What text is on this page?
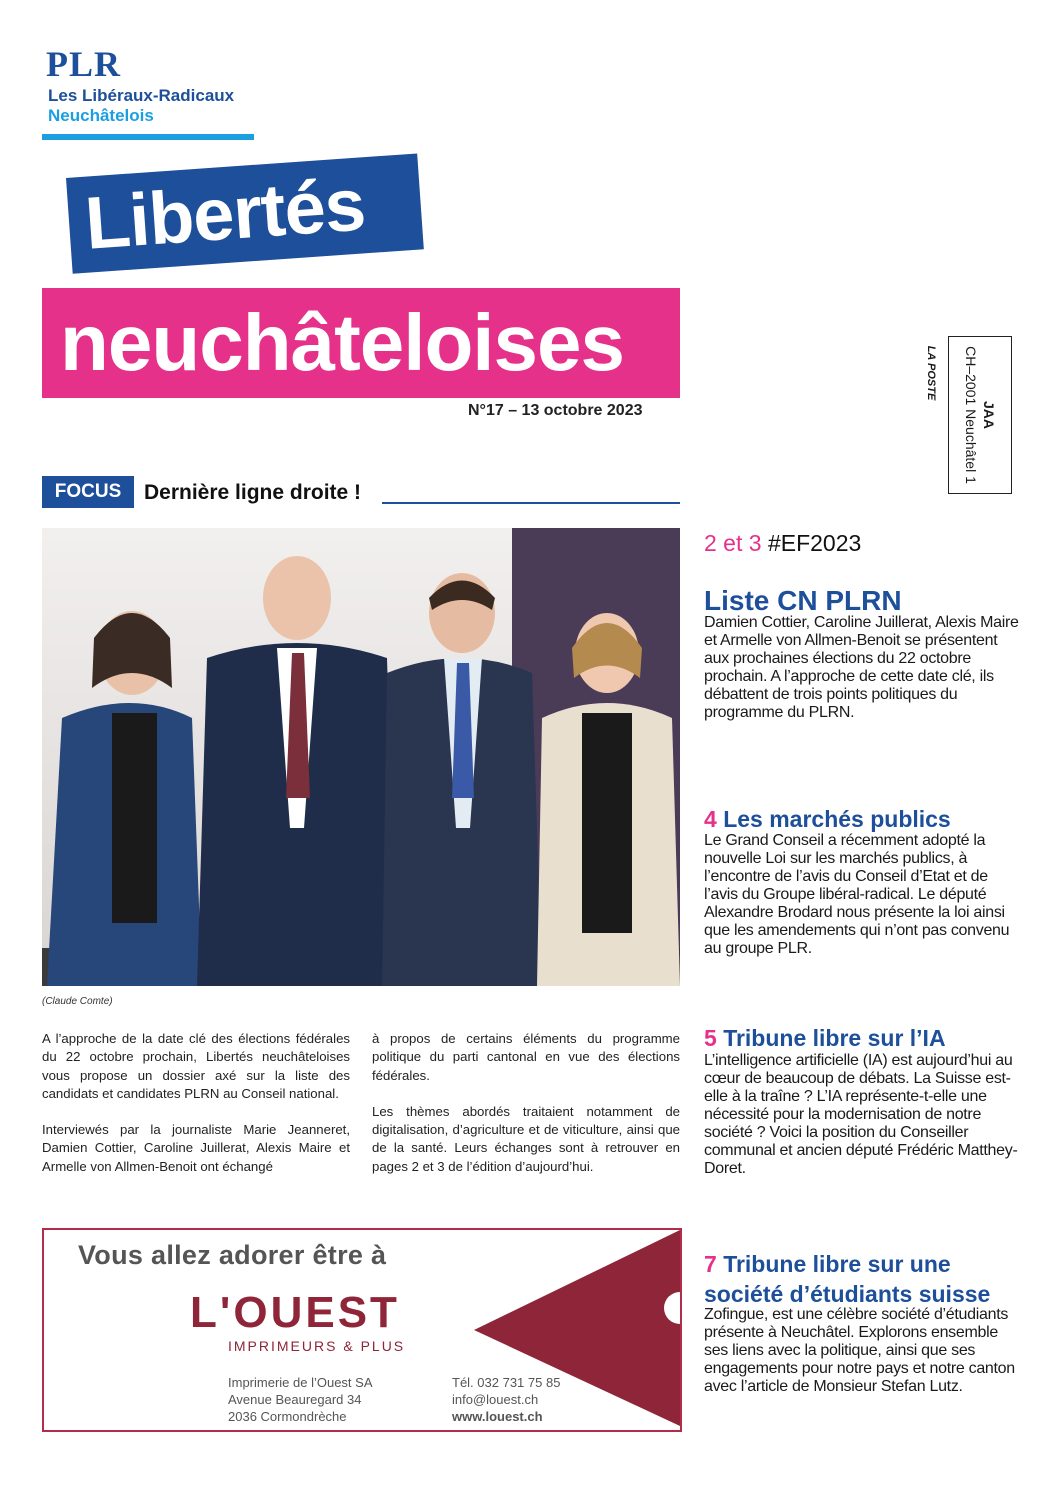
PLR
Les Libéraux-Radicaux
Neuchâtelois
Libertés
neuchâteloises
N°17 – 13 octobre 2023
LA POSTE
JAA
CH–2001 Neuchâtel 1
FOCUS	Dernière ligne droite !
(Claude Comte)

A l’approche de la date clé des élections fédérales du 22 octobre prochain, Libertés neuchâteloises vous propose un dossier axé sur la liste des candidats et candidates PLRN au Conseil national.

Interviewés par la journaliste Marie Jeanneret, Damien Cottier, Caroline Juillerat, Alexis Maire et Armelle von Allmen-Benoit ont échangé

à propos de certains éléments du programme politique du parti cantonal en vue des élections fédérales.

Les thèmes abordés traitaient notamment de digitalisation, d’agriculture et de viticulture, ainsi que de la santé. Leurs échanges sont à retrouver en pages 2 et 3 de l’édition d’aujourd’hui.

Vous allez adorer être à
L'OUEST
IMPRIMEURS & PLUS
Imprimerie de l’Ouest SA
Avenue Beauregard 34
2036 Cormondrèche
Tél. 032 731 75 85
info@louest.ch
www.louest.ch
2 et 3 #EF2023
Liste CN PLRN

Damien Cottier, Caroline Juillerat, Alexis Maire et Armelle von Allmen-Benoit se présentent aux prochaines élections du 22 octobre prochain. A l’approche de cette date clé, ils débattent de trois points politiques du programme du PLRN.

4 Les marchés publics

Le Grand Conseil a récemment adopté la nouvelle Loi sur les marchés publics, à l’encontre de l’avis du Conseil d’Etat et de l’avis du Groupe libéral-radical. Le député Alexandre Brodard nous présente la loi ainsi que les amendements qui n’ont pas convenu au groupe PLR.

5 Tribune libre sur l’IA

L’intelligence artificielle (IA) est aujourd’hui au cœur de beaucoup de débats. La Suisse est-elle à la traîne ? L’IA représente-t-elle une nécessité pour la modernisation de notre société ? Voici la position du Conseiller communal et ancien député Frédéric Matthey-Doret.

7 Tribune libre sur une société d’étudiants suisse

Zofingue, est une célèbre société d’étudiants présente à Neuchâtel. Explorons ensemble ses liens avec la politique, ainsi que ses engagements pour notre pays et notre canton avec l’article de Monsieur Stefan Lutz.
